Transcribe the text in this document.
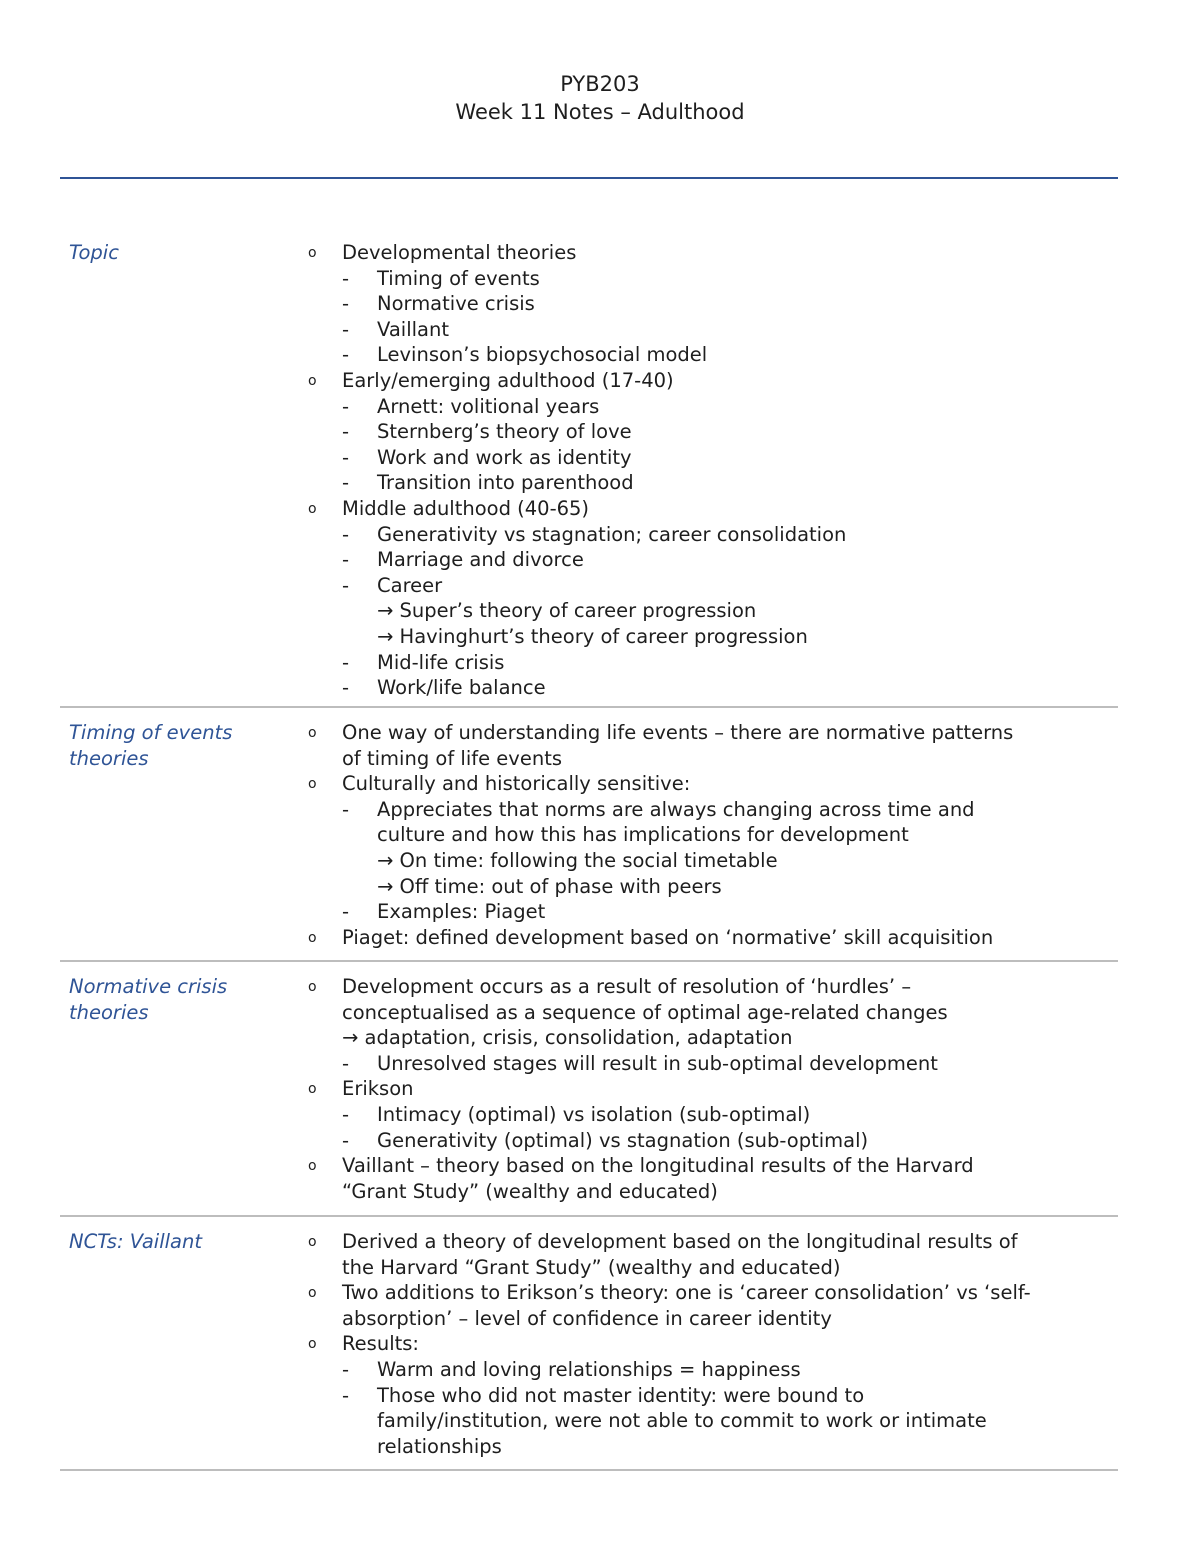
PYB203
Week 11 Notes – Adulthood
Topic	o Developmental theories
- Timing of events
- Normative crisis
- Vaillant
- Levinson’s biopsychosocial model
o Early/emerging adulthood (17-40)
- Arnett: volitional years
- Sternberg’s theory of love
- Work and work as identity
- Transition into parenthood
o Middle adulthood (40-65)
- Generativity vs stagnation; career consolidation
- Marriage and divorce
- Career
→ Super’s theory of career progression
→ Havinghurt’s theory of career progression
- Mid-life crisis
- Work/life balance
Timing of events theories
o One way of understanding life events – there are normative patterns
of timing of life events
o Culturally and historically sensitive:
- Appreciates that norms are always changing across time and
culture and how this has implications for development
→ On time: following the social timetable
→ Off time: out of phase with peers
- Examples: Piaget
o Piaget: defined development based on ‘normative’ skill acquisition
Normative crisis theories
o Development occurs as a result of resolution of ‘hurdles’ –
conceptualised as a sequence of optimal age-related changes
→ adaptation, crisis, consolidation, adaptation
- Unresolved stages will result in sub-optimal development
o Erikson
- Intimacy (optimal) vs isolation (sub-optimal)
- Generativity (optimal) vs stagnation (sub-optimal)
o Vaillant – theory based on the longitudinal results of the Harvard
“Grant Study” (wealthy and educated)
NCTs: Vaillant	o Derived a theory of development based on the longitudinal results of
the Harvard “Grant Study” (wealthy and educated)
o Two additions to Erikson’s theory: one is ‘career consolidation’ vs ‘self-
absorption’ – level of confidence in career identity
o Results:
- Warm and loving relationships = happiness
- Those who did not master identity: were bound to
family/institution, were not able to commit to work or intimate
relationships
